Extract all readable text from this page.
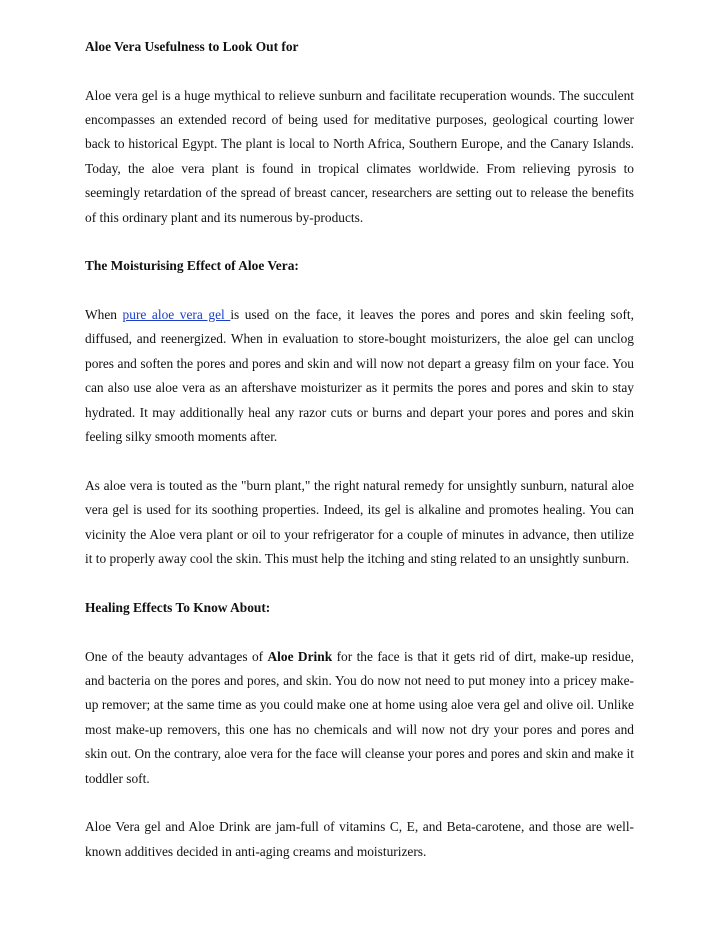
Aloe Vera Usefulness to Look Out for

Aloe vera gel is a huge mythical to relieve sunburn and facilitate recuperation wounds. The succulent encompasses an extended record of being used for meditative purposes, geological courting lower back to historical Egypt. The plant is local to North Africa, Southern Europe, and the Canary Islands. Today, the aloe vera plant is found in tropical climates worldwide. From relieving pyrosis to seemingly retardation of the spread of breast cancer, researchers are setting out to release the benefits of this ordinary plant and its numerous by-products.

The Moisturising Effect of Aloe Vera:

When pure aloe vera gel is used on the face, it leaves the pores and pores and skin feeling soft, diffused, and reenergized. When in evaluation to store-bought moisturizers, the aloe gel can unclog pores and soften the pores and pores and skin and will now not depart a greasy film on your face. You can also use aloe vera as an aftershave moisturizer as it permits the pores and pores and skin to stay hydrated. It may additionally heal any razor cuts or burns and depart your pores and pores and skin feeling silky smooth moments after.

As aloe vera is touted as the "burn plant," the right natural remedy for unsightly sunburn, natural aloe vera gel is used for its soothing properties. Indeed, its gel is alkaline and promotes healing. You can vicinity the Aloe vera plant or oil to your refrigerator for a couple of minutes in advance, then utilize it to properly away cool the skin. This must help the itching and sting related to an unsightly sunburn.

Healing Effects To Know About:

One of the beauty advantages of Aloe Drink for the face is that it gets rid of dirt, make-up residue, and bacteria on the pores and pores, and skin. You do now not need to put money into a pricey make-up remover; at the same time as you could make one at home using aloe vera gel and olive oil. Unlike most make-up removers, this one has no chemicals and will now not dry your pores and pores and skin out. On the contrary, aloe vera for the face will cleanse your pores and pores and skin and make it toddler soft.

Aloe Vera gel and Aloe Drink are jam-full of vitamins C, E, and Beta-carotene, and those are well-known additives decided in anti-aging creams and moisturizers.
